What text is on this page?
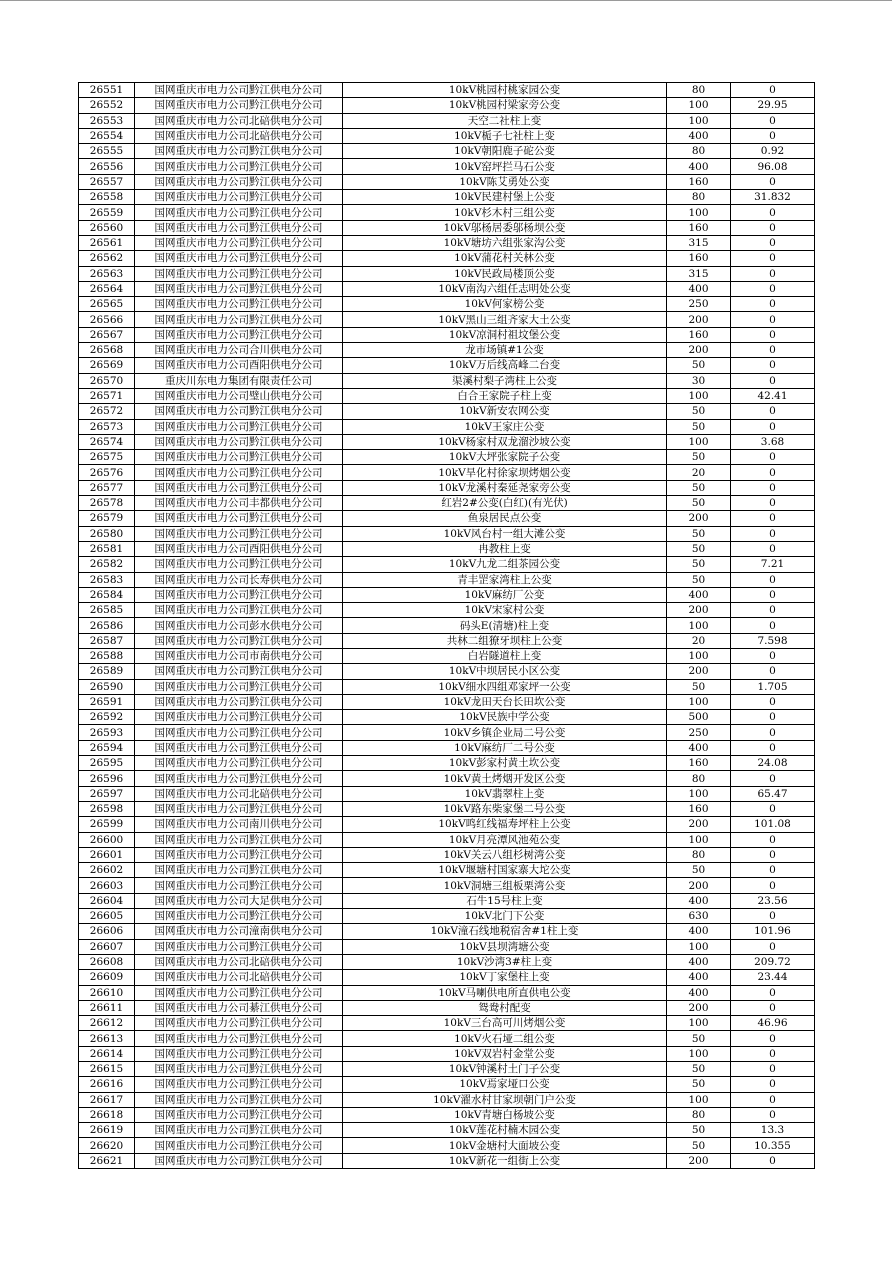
26551	国网重庆市电力公司黔江供电分公司	10kV桃园村桃家园公变	80	0
26552	国网重庆市电力公司黔江供电分公司	10kV桃园村梁家旁公变	100	29.95
26553	国网重庆市电力公司北碚供电分公司	天空二社柱上变	100	0
26554	国网重庆市电力公司北碚供电分公司	10kV栀子七社柱上变	400	0
26555	国网重庆市电力公司黔江供电分公司	10kV朝阳鹿子砣公变	80	0.92
26556	国网重庆市电力公司黔江供电分公司	10kV窑坪拦马石公变	400	96.08
26557	国网重庆市电力公司黔江供电分公司	10kV陈艾勇处公变	160	0
26558	国网重庆市电力公司黔江供电分公司	10kV民建村堡上公变	80	31.832
26559	国网重庆市电力公司黔江供电分公司	10kV杉木村三组公变	100	0
26560	国网重庆市电力公司黔江供电分公司	10kV邬杨居委邬杨坝公变	160	0
26561	国网重庆市电力公司黔江供电分公司	10kV塘坊六组张家沟公变	315	0
26562	国网重庆市电力公司黔江供电分公司	10kV蒲花村关林公变	160	0
26563	国网重庆市电力公司黔江供电分公司	10kV民政局楼顶公变	315	0
26564	国网重庆市电力公司黔江供电分公司	10kV南沟六组任志明处公变	400	0
26565	国网重庆市电力公司黔江供电分公司	10kV何家榜公变	250	0
26566	国网重庆市电力公司黔江供电分公司	10kV黑山三组齐家大土公变	200	0
26567	国网重庆市电力公司黔江供电分公司	10kV凉洞村祖坟堡公变	160	0
26568	国网重庆市电力公司合川供电分公司	龙市场镇#1公变	200	0
26569	国网重庆市电力公司酉阳供电分公司	10kV万后线高峰二台变	50	0
26570	重庆川东电力集团有限责任公司	渠溪村梨子湾柱上公变	30	0
26571	国网重庆市电力公司璧山供电分公司	白合王家院子柱上变	100	42.41
26572	国网重庆市电力公司黔江供电分公司	10kV新安农网公变	50	0
26573	国网重庆市电力公司黔江供电分公司	10kV王家庄公变	50	0
26574	国网重庆市电力公司黔江供电分公司	10kV杨家村双龙溜沙坡公变	100	3.68
26575	国网重庆市电力公司黔江供电分公司	10kV大坪张家院子公变	50	0
26576	国网重庆市电力公司黔江供电分公司	10kV旱化村徐家坝烤烟公变	20	0
26577	国网重庆市电力公司黔江供电分公司	10kV龙溪村秦延尧家旁公变	50	0
26578	国网重庆市电力公司丰都供电分公司	红岩2#公变(白红)(有光伏)	50	0
26579	国网重庆市电力公司黔江供电分公司	鱼泉居民点公变	200	0
26580	国网重庆市电力公司黔江供电分公司	10kV风台村一组大滩公变	50	0
26581	国网重庆市电力公司酉阳供电分公司	冉教柱上变	50	0
26582	国网重庆市电力公司黔江供电分公司	10kV九龙二组茶园公变	50	7.21
26583	国网重庆市电力公司长寿供电分公司	青丰罡家湾柱上公变	50	0
26584	国网重庆市电力公司黔江供电分公司	10kV麻纺厂公变	400	0
26585	国网重庆市电力公司黔江供电分公司	10kV宋家村公变	200	0
26586	国网重庆市电力公司彭水供电分公司	码头E(清塘)柱上变	100	0
26587	国网重庆市电力公司黔江供电分公司	共林二组獠牙坝柱上公变	20	7.598
26588	国网重庆市电力公司市南供电分公司	白岩隧道柱上变	100	0
26589	国网重庆市电力公司黔江供电分公司	10kV中坝居民小区公变	200	0
26590	国网重庆市电力公司黔江供电分公司	10kV细水四组邓家坪一公变	50	1.705
26591	国网重庆市电力公司黔江供电分公司	10kV龙田天台长田坎公变	100	0
26592	国网重庆市电力公司黔江供电分公司	10kV民族中学公变	500	0
26593	国网重庆市电力公司黔江供电分公司	10kV乡镇企业局二号公变	250	0
26594	国网重庆市电力公司黔江供电分公司	10kV麻纺厂二号公变	400	0
26595	国网重庆市电力公司黔江供电分公司	10kV彭家村黄土坎公变	160	24.08
26596	国网重庆市电力公司黔江供电分公司	10kV黄土烤烟开发区公变	80	0
26597	国网重庆市电力公司北碚供电分公司	10kV翡翠柱上变	100	65.47
26598	国网重庆市电力公司黔江供电分公司	10kV路东柴家堡二号公变	160	0
26599	国网重庆市电力公司南川供电分公司	10kV鸣红线福寿坪柱上公变	200	101.08
26600	国网重庆市电力公司黔江供电分公司	10kV月亮潭风池苑公变	100	0
26601	国网重庆市电力公司黔江供电分公司	10kV关云八组杉树湾公变	80	0
26602	国网重庆市电力公司黔江供电分公司	10kV堰塘村国家寨大坨公变	50	0
26603	国网重庆市电力公司黔江供电分公司	10kV洞塘三组板栗湾公变	200	0
26604	国网重庆市电力公司大足供电分公司	石牛15号柱上变	400	23.56
26605	国网重庆市电力公司黔江供电分公司	10kV北门下公变	630	0
26606	国网重庆市电力公司潼南供电分公司	10kV潼石线地税宿舍#1柱上变	400	101.96
26607	国网重庆市电力公司黔江供电分公司	10kV县坝湾塘公变	100	0
26608	国网重庆市电力公司北碚供电分公司	10kV沙湾3#柱上变	400	209.72
26609	国网重庆市电力公司北碚供电分公司	10kV丁家堡柱上变	400	23.44
26610	国网重庆市电力公司黔江供电分公司	10kV马喇供电所直供电公变	400	0
26611	国网重庆市电力公司綦江供电分公司	鸳鸯村配变	200	0
26612	国网重庆市电力公司黔江供电分公司	10kV三台高可川烤烟公变	100	46.96
26613	国网重庆市电力公司黔江供电分公司	10kV火石垭二组公变	50	0
26614	国网重庆市电力公司黔江供电分公司	10kV双岩村金堂公变	100	0
26615	国网重庆市电力公司黔江供电分公司	10kV钟溪村土门子公变	50	0
26616	国网重庆市电力公司黔江供电分公司	10kV焉家垭口公变	50	0
26617	国网重庆市电力公司黔江供电分公司	10kV濯水村甘家坝朝门户公变	100	0
26618	国网重庆市电力公司黔江供电分公司	10kV青塘白杨坡公变	80	0
26619	国网重庆市电力公司黔江供电分公司	10kV莲花村楠木园公变	50	13.3
26620	国网重庆市电力公司黔江供电分公司	10kV金塘村大面坡公变	50	10.355
26621	国网重庆市电力公司黔江供电分公司	10kV新花一组街上公变	200	0
